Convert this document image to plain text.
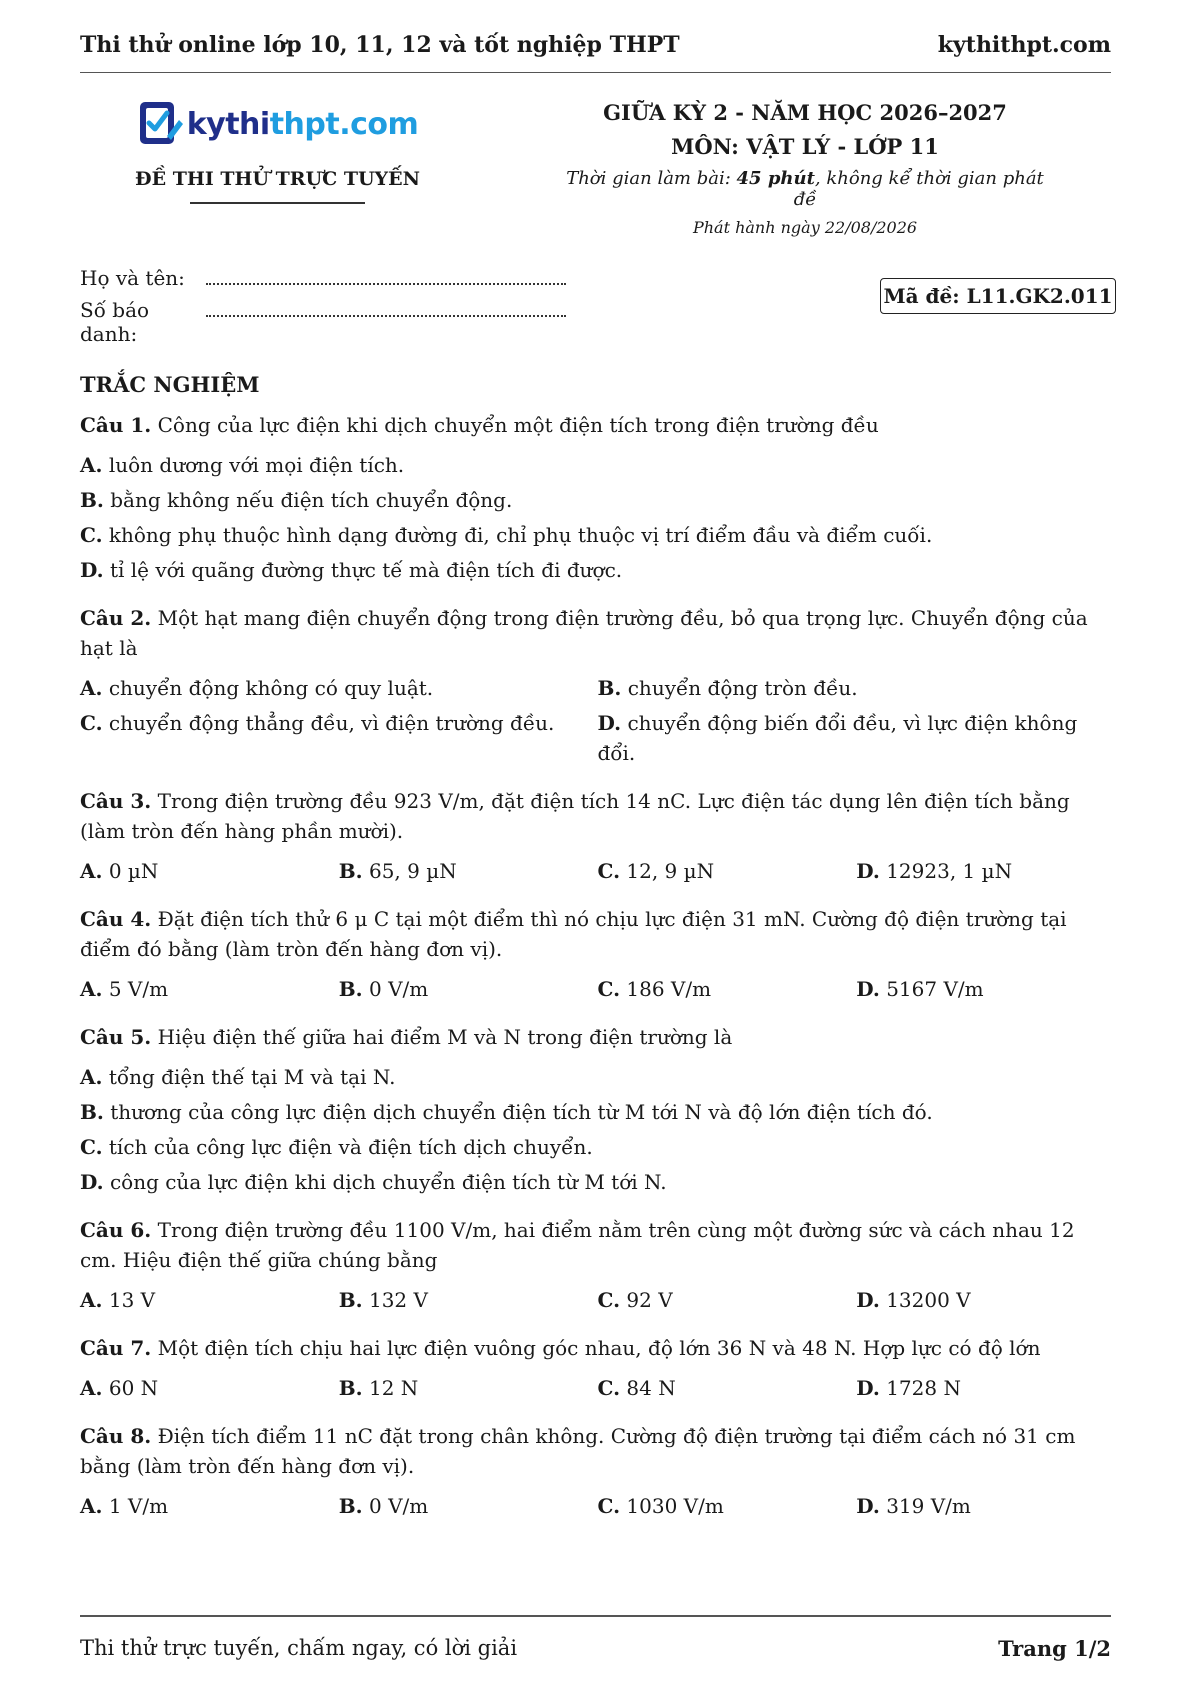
Thi thử online lớp 10, 11, 12 và tốt nghiệp THPT	kythithpt.com
kythithpt.com
ĐỀ THI THỬ TRỰC TUYẾN
GIỮA KỲ 2 - NĂM HỌC 2026–2027
MÔN: VẬT LÝ - LỚP 11
Thời gian làm bài: 45 phút, không kể thời gian phát đề
Phát hành ngày 22/08/2026
Họ và tên:
Số báo danh:
Mã đề: L11.GK2.011
TRẮC NGHIỆM
Câu 1. Công của lực điện khi dịch chuyển một điện tích trong điện trường đều
A. luôn dương với mọi điện tích.
B. bằng không nếu điện tích chuyển động.
C. không phụ thuộc hình dạng đường đi, chỉ phụ thuộc vị trí điểm đầu và điểm cuối.
D. tỉ lệ với quãng đường thực tế mà điện tích đi được.
Câu 2. Một hạt mang điện chuyển động trong điện trường đều, bỏ qua trọng lực. Chuyển động của hạt là
A. chuyển động không có quy luật.	B. chuyển động tròn đều.
C. chuyển động thẳng đều, vì điện trường đều.	D. chuyển động biến đổi đều, vì lực điện không đổi.
Câu 3. Trong điện trường đều 923 V/m, đặt điện tích 14 nC. Lực điện tác dụng lên điện tích bằng (làm tròn đến hàng phần mười).
A. 0 µN	B. 65, 9 µN	C. 12, 9 µN	D. 12923, 1 µN
Câu 4. Đặt điện tích thử 6 μ C tại một điểm thì nó chịu lực điện 31 mN. Cường độ điện trường tại điểm đó bằng (làm tròn đến hàng đơn vị).
A. 5 V/m	B. 0 V/m	C. 186 V/m	D. 5167 V/m
Câu 5. Hiệu điện thế giữa hai điểm M và N trong điện trường là
A. tổng điện thế tại M và tại N.
B. thương của công lực điện dịch chuyển điện tích từ M tới N và độ lớn điện tích đó.
C. tích của công lực điện và điện tích dịch chuyển.
D. công của lực điện khi dịch chuyển điện tích từ M tới N.
Câu 6. Trong điện trường đều 1100 V/m, hai điểm nằm trên cùng một đường sức và cách nhau 12 cm. Hiệu điện thế giữa chúng bằng
A. 13 V	B. 132 V	C. 92 V	D. 13200 V
Câu 7. Một điện tích chịu hai lực điện vuông góc nhau, độ lớn 36 N và 48 N. Hợp lực có độ lớn
A. 60 N	B. 12 N	C. 84 N	D. 1728 N
Câu 8. Điện tích điểm 11 nC đặt trong chân không. Cường độ điện trường tại điểm cách nó 31 cm bằng (làm tròn đến hàng đơn vị).
A. 1 V/m	B. 0 V/m	C. 1030 V/m	D. 319 V/m
Thi thử trực tuyến, chấm ngay, có lời giải	Trang 1/2
